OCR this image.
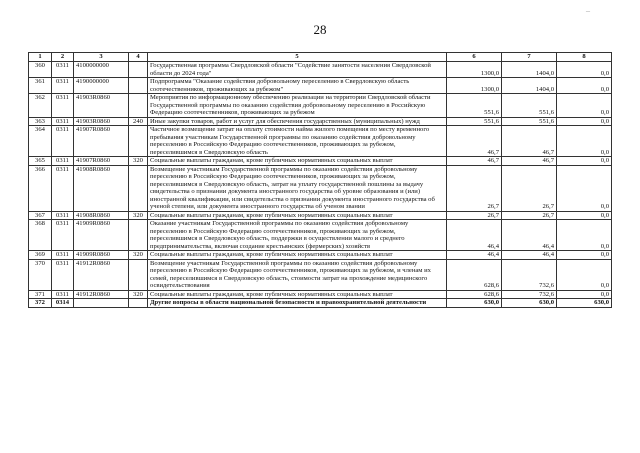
28
–
1	2	3	4	5	6	7	8
360	0311	4100000000		Государственная программа Свердловской области "Содействие занятости населения Свердловской области до 2024 года"	1300,0	1404,0	0,0
361	0311	4190000000		Подпрограмма "Оказание содействия добровольному переселению в Свердловскую область соотечественников, проживающих за рубежом"	1300,0	1404,0	0,0
362	0311	41903R0860		Мероприятия по информационному обеспечению реализации на территории Свердловской области Государственной программы по оказанию содействия добровольному переселению в Российскую Федерацию соотечественников, проживающих за рубежом	551,6	551,6	0,0
363	0311	41903R0860	240	Иные закупки товаров, работ и услуг для обеспечения государственных (муниципальных) нужд	551,6	551,6	0,0
364	0311	41907R0860		Частичное возмещение затрат на оплату стоимости найма жилого помещения по месту временного пребывания участникам Государственной программы по оказанию содействия добровольному переселению в Российскую Федерацию соотечественников, проживающих за рубежом, переселившимся в Свердловскую область	46,7	46,7	0,0
365	0311	41907R0860	320	Социальные выплаты гражданам, кроме публичных нормативных социальных выплат	46,7	46,7	0,0
366	0311	41908R0860		Возмещение участникам Государственной программы по оказанию содействия добровольному переселению в Российскую Федерацию соотечественников, проживающих за рубежом, переселившимся в Свердловскую область, затрат на уплату государственной пошлины за выдачу свидетельства о признании документа иностранного государства об уровне образования и (или) иностранной квалификации, или свидетельства о признании документа иностранного государства об ученой степени, или документа иностранного государства об ученом звании	26,7	26,7	0,0
367	0311	41908R0860	320	Социальные выплаты гражданам, кроме публичных нормативных социальных выплат	26,7	26,7	0,0
368	0311	41909R0860		Оказание участникам Государственной программы по оказанию содействия добровольному переселению в Российскую Федерацию соотечественников, проживающих за рубежом, переселившимся в Свердловскую область, поддержки в осуществлении малого и среднего предпринимательства, включая создание крестьянских (фермерских) хозяйств	46,4	46,4	0,0
369	0311	41909R0860	320	Социальные выплаты гражданам, кроме публичных нормативных социальных выплат	46,4	46,4	0,0
370	0311	41912R0860		Возмещение участникам Государственной программы по оказанию содействия добровольному переселению в Российскую Федерацию соотечественников, проживающих за рубежом, и членам их семей, переселившимся в Свердловскую область, стоимости затрат на прохождение медицинского освидетельствования	628,6	732,6	0,0
371	0311	41912R0860	320	Социальные выплаты гражданам, кроме публичных нормативных социальных выплат	628,6	732,6	0,0
372	0314			Другие вопросы в области национальной безопасности и правоохранительной деятельности	630,0	630,0	630,0
